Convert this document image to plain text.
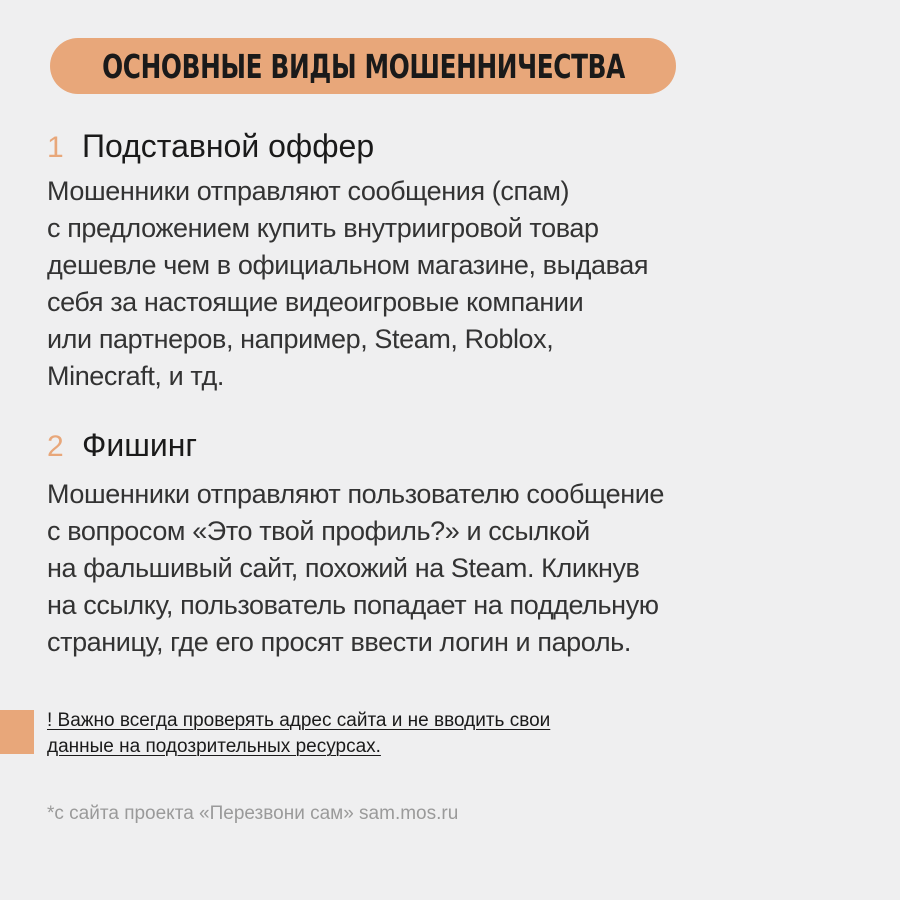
ОСНОВНЫЕ ВИДЫ МОШЕННИЧЕСТВА
1 Подставной оффер
Мошенники отправляют сообщения (спам)
с предложением купить внутриигровой товар
дешевле чем в официальном магазине, выдавая
себя за настоящие видеоигровые компании
или партнеров, например, Steam, Roblox,
Minecraft, и тд.
2 Фишинг
Мошенники отправляют пользователю сообщение
с вопросом «Это твой профиль?» и ссылкой
на фальшивый сайт, похожий на Steam. Кликнув
на ссылку, пользователь попадает на поддельную
страницу, где его просят ввести логин и пароль.
! Важно всегда проверять адрес сайта и не вводить свои
данные на подозрительных ресурсах.
*с сайта проекта «Перезвони сам» sam.mos.ru
